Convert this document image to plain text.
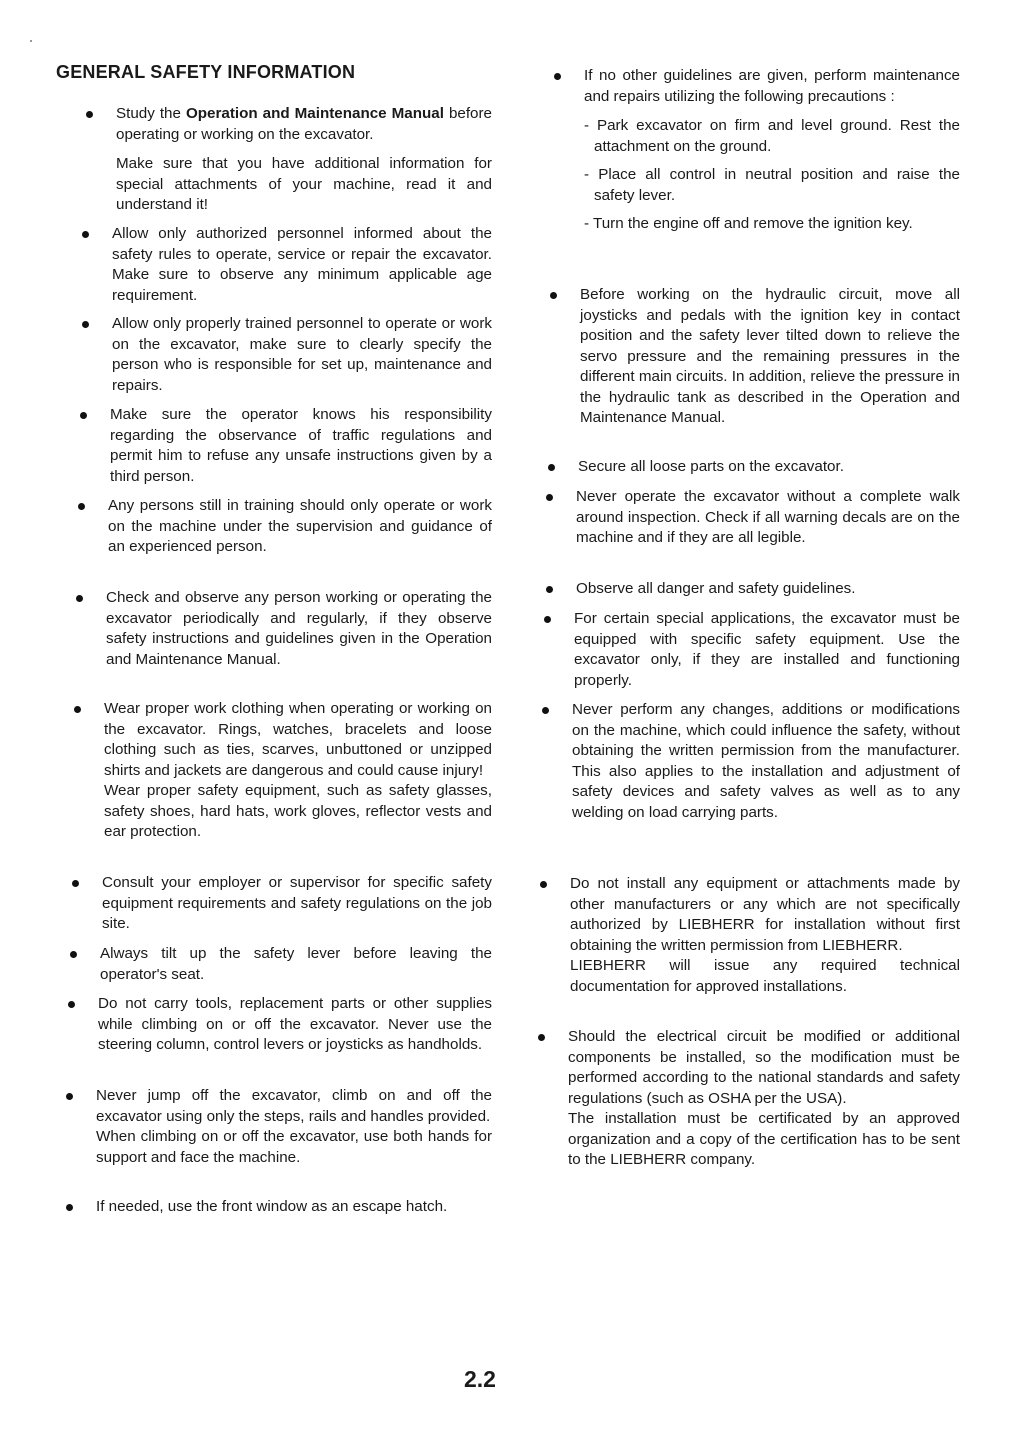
GENERAL SAFETY INFORMATION

Study the Operation and Maintenance Manual before operating or working on the excavator.

Make sure that you have additional information for special attachments of your machine, read it and understand it!

Allow only authorized personnel informed about the safety rules to operate, service or repair the excavator. Make sure to observe any minimum applicable age requirement.

Allow only properly trained personnel to operate or work on the excavator, make sure to clearly specify the person who is responsible for set up, maintenance and repairs.

Make sure the operator knows his responsibility regarding the observance of traffic regulations and permit him to refuse any unsafe instructions given by a third person.

Any persons still in training should only operate or work on the machine under the supervision and guidance of an experienced person.

Check and observe any person working or operating the excavator periodically and regularly, if they observe safety instructions and guidelines given in the Operation and Maintenance Manual.

Wear proper work clothing when operating or working on the excavator. Rings, watches, bracelets and loose clothing such as ties, scarves, unbuttoned or unzipped shirts and jackets are dangerous and could cause injury!

Wear proper safety equipment, such as safety glasses, safety shoes, hard hats, work gloves, reflector vests and ear protection.

Consult your employer or supervisor for specific safety equipment requirements and safety regulations on the job site.

Always tilt up the safety lever before leaving the operator's seat.

Do not carry tools, replacement parts or other supplies while climbing on or off the excavator. Never use the steering column, control levers or joysticks as handholds.

Never jump off the excavator, climb on and off the excavator using only the steps, rails and handles provided.

When climbing on or off the excavator, use both hands for support and face the machine.

If needed, use the front window as an escape hatch.

If no other guidelines are given, perform maintenance and repairs utilizing the following precautions :

- Park excavator on firm and level ground. Rest the attachment on the ground.
- Place all control in neutral position and raise the safety lever.
- Turn the engine off and remove the ignition key.

Before working on the hydraulic circuit, move all joysticks and pedals with the ignition key in contact position and the safety lever tilted down to relieve the servo pressure and the remaining pressures in the different main circuits. In addition, relieve the pressure in the hydraulic tank as described in the Operation and Maintenance Manual.

Secure all loose parts on the excavator.

Never operate the excavator without a complete walk around inspection. Check if all warning decals are on the machine and if they are all legible.

Observe all danger and safety guidelines.

For certain special applications, the excavator must be equipped with specific safety equipment. Use the excavator only, if they are installed and functioning properly.

Never perform any changes, additions or modifications on the machine, which could influence the safety, without obtaining the written permission from the manufacturer. This also applies to the installation and adjustment of safety devices and safety valves as well as to any welding on load carrying parts.

Do not install any equipment or attachments made by other manufacturers or any which are not specifically authorized by LIEBHERR for installation without first obtaining the written permission from LIEBHERR.

LIEBHERR will issue any required technical documentation for approved installations.

Should the electrical circuit be modified or additional components be installed, so the modification must be performed according to the national standards and safety regulations (such as OSHA per the USA).

The installation must be certificated by an approved organization and a copy of the certification has to be sent to the LIEBHERR company.

2.2
